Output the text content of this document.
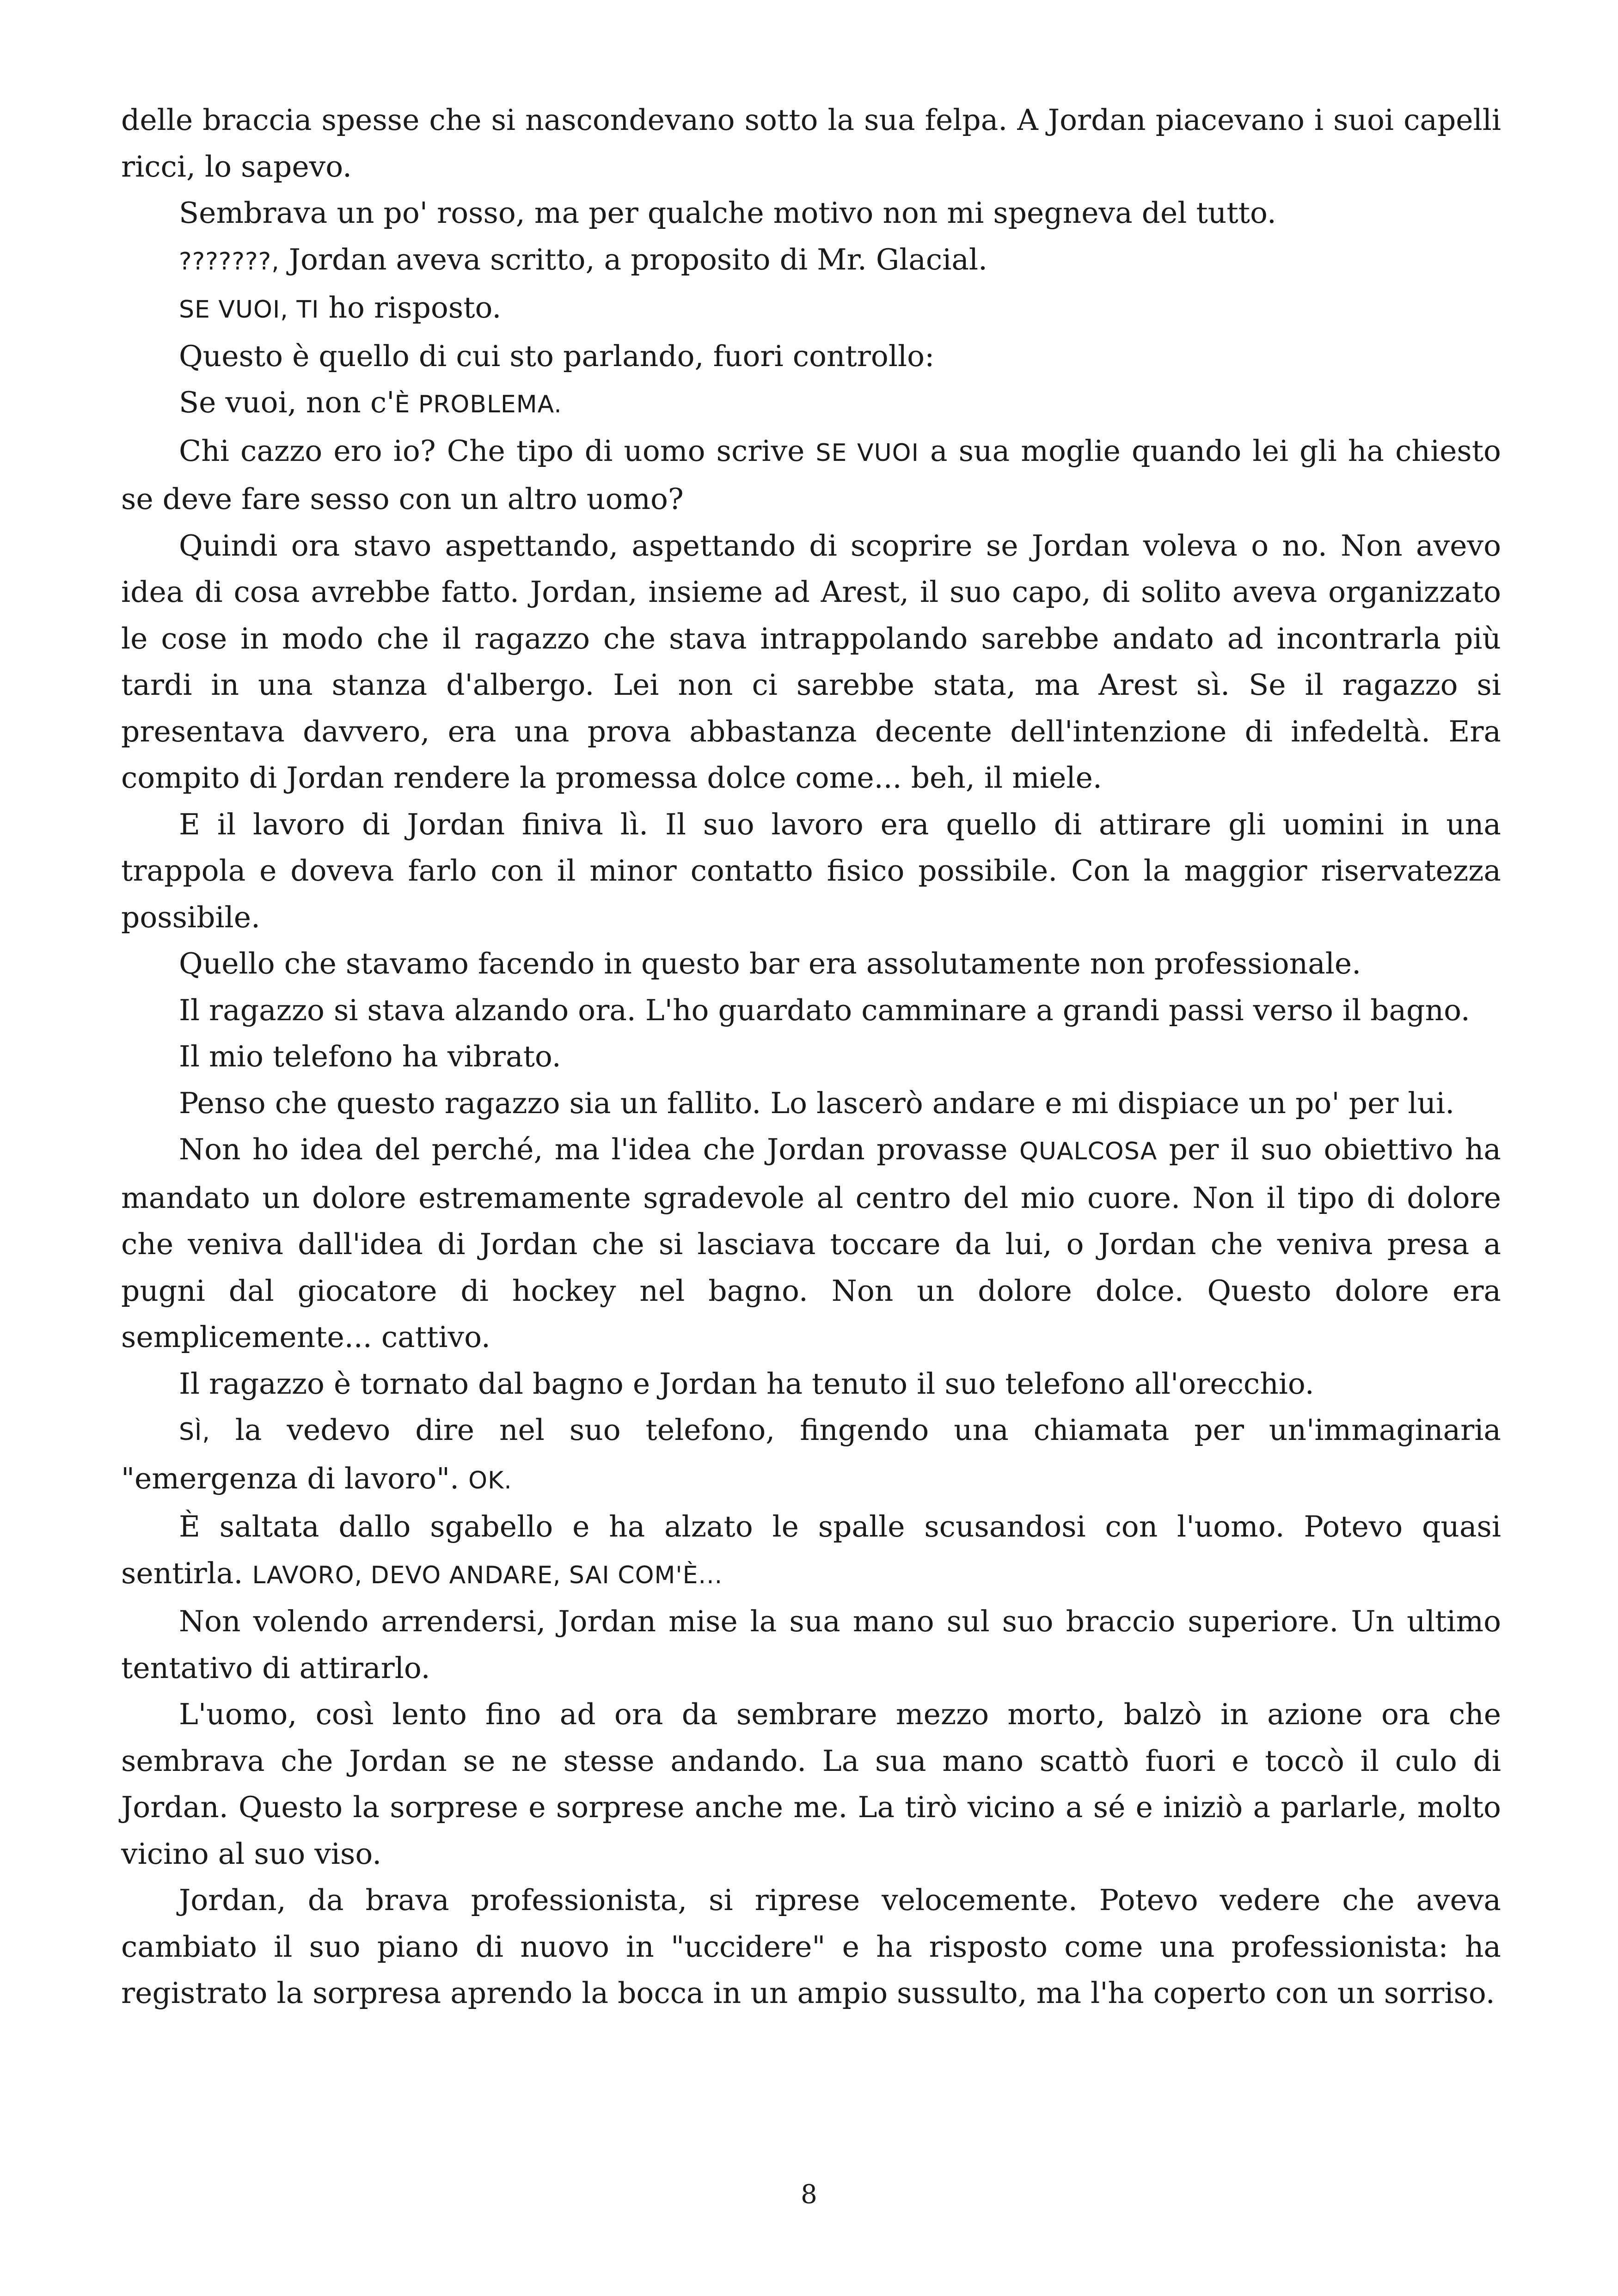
delle braccia spesse che si nascondevano sotto la sua felpa. A Jordan piacevano i suoi capelli ricci, lo sapevo.

Sembrava un po' rosso, ma per qualche motivo non mi spegneva del tutto.

???????, Jordan aveva scritto, a proposito di Mr. Glacial.

SE VUOI, TI ho risposto.

Questo è quello di cui sto parlando, fuori controllo:

Se vuoi, non c'È PROBLEMA.

Chi cazzo ero io? Che tipo di uomo scrive SE VUOI a sua moglie quando lei gli ha chiesto se deve fare sesso con un altro uomo?

Quindi ora stavo aspettando, aspettando di scoprire se Jordan voleva o no. Non avevo idea di cosa avrebbe fatto. Jordan, insieme ad Arest, il suo capo, di solito aveva organizzato le cose in modo che il ragazzo che stava intrappolando sarebbe andato ad incontrarla più tardi in una stanza d'albergo. Lei non ci sarebbe stata, ma Arest sì. Se il ragazzo si presentava davvero, era una prova abbastanza decente dell'intenzione di infedeltà. Era compito di Jordan rendere la promessa dolce come... beh, il miele.

E il lavoro di Jordan finiva lì. Il suo lavoro era quello di attirare gli uomini in una trappola e doveva farlo con il minor contatto fisico possibile. Con la maggior riservatezza possibile.

Quello che stavamo facendo in questo bar era assolutamente non professionale.

Il ragazzo si stava alzando ora. L'ho guardato camminare a grandi passi verso il bagno.

Il mio telefono ha vibrato.

Penso che questo ragazzo sia un fallito. Lo lascerò andare e mi dispiace un po' per lui.

Non ho idea del perché, ma l'idea che Jordan provasse QUALCOSA per il suo obiettivo ha mandato un dolore estremamente sgradevole al centro del mio cuore. Non il tipo di dolore che veniva dall'idea di Jordan che si lasciava toccare da lui, o Jordan che veniva presa a pugni dal giocatore di hockey nel bagno. Non un dolore dolce. Questo dolore era semplicemente... cattivo.

Il ragazzo è tornato dal bagno e Jordan ha tenuto il suo telefono all'orecchio.

SÌ, la vedevo dire nel suo telefono, fingendo una chiamata per un'immaginaria "emergenza di lavoro". OK.

È saltata dallo sgabello e ha alzato le spalle scusandosi con l'uomo. Potevo quasi sentirla. LAVORO, DEVO ANDARE, SAI COM'È...

Non volendo arrendersi, Jordan mise la sua mano sul suo braccio superiore. Un ultimo tentativo di attirarlo.

L'uomo, così lento fino ad ora da sembrare mezzo morto, balzò in azione ora che sembrava che Jordan se ne stesse andando. La sua mano scattò fuori e toccò il culo di Jordan. Questo la sorprese e sorprese anche me. La tirò vicino a sé e iniziò a parlarle, molto vicino al suo viso.

Jordan, da brava professionista, si riprese velocemente. Potevo vedere che aveva cambiato il suo piano di nuovo in "uccidere" e ha risposto come una professionista: ha registrato la sorpresa aprendo la bocca in un ampio sussulto, ma l'ha coperto con un sorriso.

8
